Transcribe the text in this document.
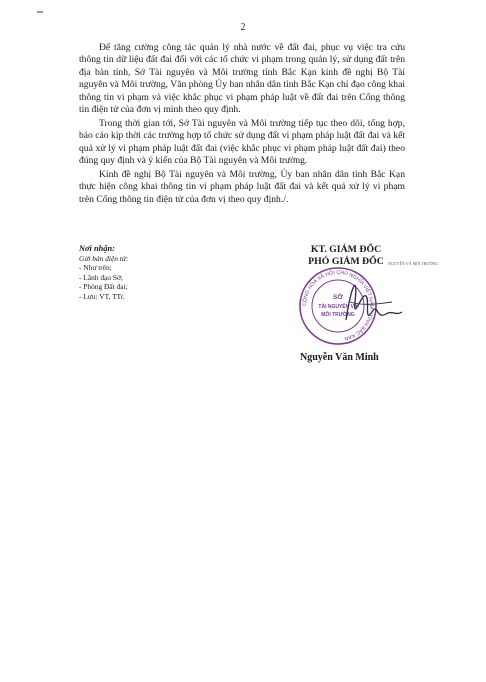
2

Để tăng cường công tác quản lý nhà nước về đất đai, phục vụ việc tra cứu thông tin dữ liệu đất đai đối với các tổ chức vi phạm trong quản lý, sử dụng đất trên địa bàn tỉnh, Sở Tài nguyên và Môi trường tỉnh Bắc Kạn kính đề nghị Bộ Tài nguyên và Môi trường, Văn phòng Ủy ban nhân dân tỉnh Bắc Kạn chỉ đạo công khai thông tin vi phạm và việc khắc phục vi phạm pháp luật về đất đai trên Cổng thông tin điện tử của đơn vị mình theo quy định.

Trong thời gian tới, Sở Tài nguyên và Môi trường tiếp tục theo dõi, tổng hợp, báo cáo kịp thời các trường hợp tổ chức sử dụng đất vi phạm pháp luật đất đai và kết quả xử lý vi phạm pháp luật đất đai (việc khắc phục vi phạm pháp luật đất đai) theo đúng quy định và ý kiến của Bộ Tài nguyên và Môi trường.

Kính đề nghị Bộ Tài nguyên và Môi trường, Ủy ban nhân dân tỉnh Bắc Kạn thực hiện công khai thông tin vi phạm pháp luật đất đai và kết quả xử lý vi phạm trên Cổng thông tin điện tử của đơn vị theo quy định./.

Nơi nhận:
Gửi bản điện tử:
- Như trên;
- Lãnh đạo Sở;
- Phòng Đất đai;
- Lưu: VT, TTr.
KT. GIÁM ĐỐC
PHÓ GIÁM ĐỐC	NGUYÊN VÀ MÔI TRƯỜNG
CỘNG HÒA XÃ HỘI CHỦ NGHĨA VIỆT NAM · TỈNH BẮC KẠN
SỞ
TÀI NGUYÊN VÀ
MÔI TRƯỜNG
Nguyễn Văn Minh
